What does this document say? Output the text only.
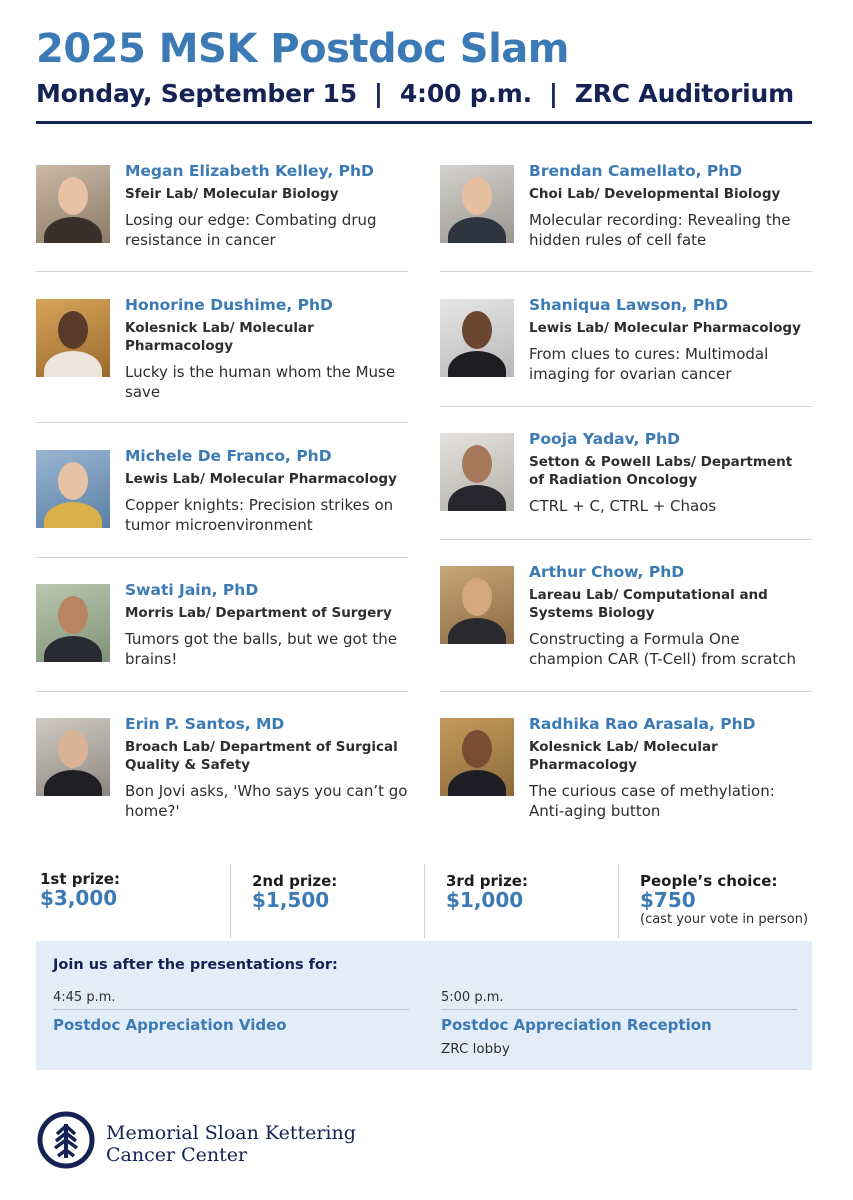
2025 MSK Postdoc Slam
Monday, September 15  |  4:00 p.m.  |  ZRC Auditorium
Megan Elizabeth Kelley, PhD
Sfeir Lab/ Molecular Biology
Losing our edge: Combating drug resistance in cancer
Honorine Dushime, PhD
Kolesnick Lab/ Molecular Pharmacology
Lucky is the human whom the Muse save
Michele De Franco, PhD
Lewis Lab/ Molecular Pharmacology
Copper knights: Precision strikes on tumor microenvironment
Swati Jain, PhD
Morris Lab/ Department of Surgery
Tumors got the balls, but we got the brains!
Erin P. Santos, MD
Broach Lab/ Department of Surgical Quality & Safety
Bon Jovi asks, 'Who says you can’t go home?'
Brendan Camellato, PhD
Choi Lab/ Developmental Biology
Molecular recording: Revealing the hidden rules of cell fate
Shaniqua Lawson, PhD
Lewis Lab/ Molecular Pharmacology
From clues to cures: Multimodal imaging for ovarian cancer
Pooja Yadav, PhD
Setton & Powell Labs/ Department of Radiation Oncology
CTRL + C, CTRL + Chaos
Arthur Chow, PhD
Lareau Lab/ Computational and Systems Biology
Constructing a Formula One champion CAR (T-Cell) from scratch
Radhika Rao Arasala, PhD
Kolesnick Lab/ Molecular Pharmacology
The curious case of methylation: Anti-aging button
1st prize:
$3,000
2nd prize:
$1,500
3rd prize:
$1,000
People’s choice:
$750
(cast your vote in person)
Join us after the presentations for:
4:45 p.m.
Postdoc Appreciation Video
5:00 p.m.
Postdoc Appreciation Reception
ZRC lobby
Memorial Sloan Kettering
Cancer Center
